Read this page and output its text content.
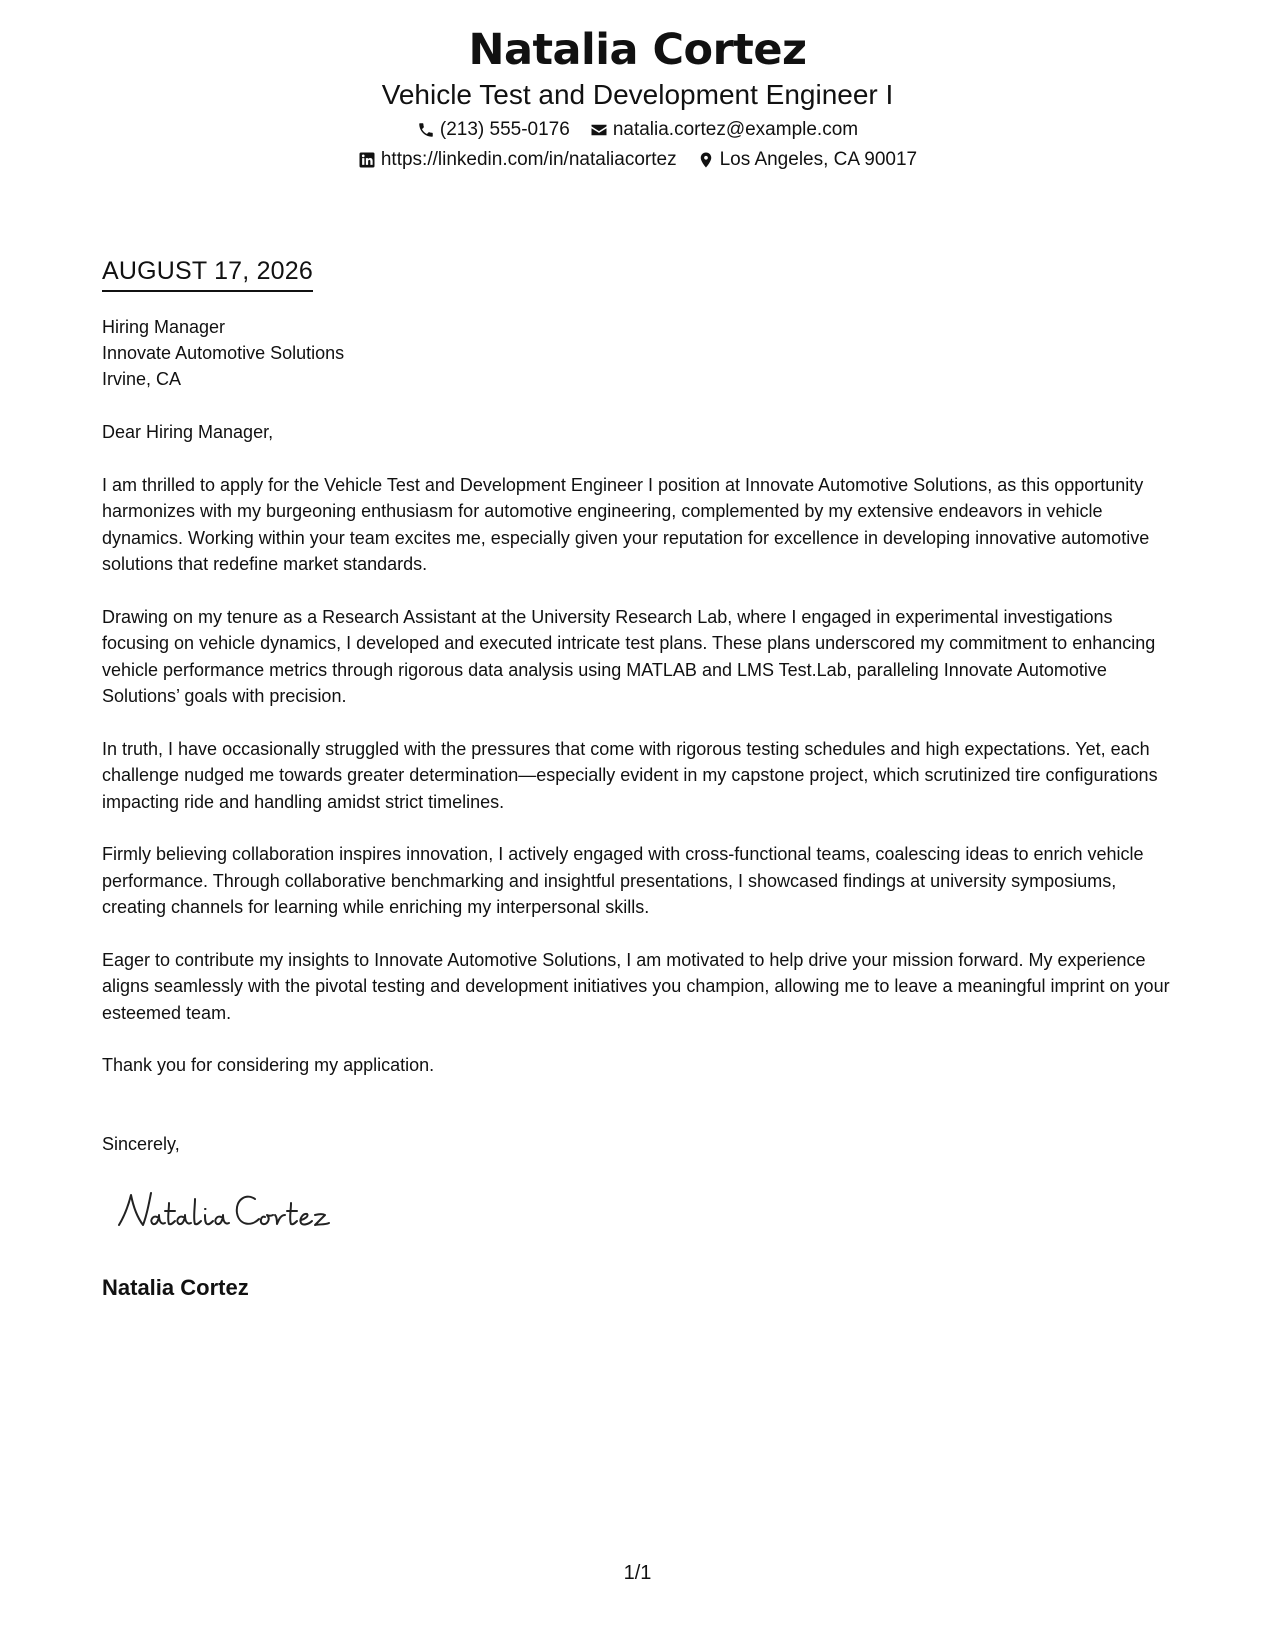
Natalia Cortez
Vehicle Test and Development Engineer I
(213) 555-0176 natalia.cortez@example.com
https://linkedin.com/in/nataliacortez Los Angeles, CA 90017
AUGUST 17, 2026
Hiring Manager
Innovate Automotive Solutions
Irvine, CA

Dear Hiring Manager,

I am thrilled to apply for the Vehicle Test and Development Engineer I position at Innovate Automotive Solutions, as this opportunity harmonizes with my burgeoning enthusiasm for automotive engineering, complemented by my extensive endeavors in vehicle dynamics. Working within your team excites me, especially given your reputation for excellence in developing innovative automotive solutions that redefine market standards.

Drawing on my tenure as a Research Assistant at the University Research Lab, where I engaged in experimental investigations focusing on vehicle dynamics, I developed and executed intricate test plans. These plans underscored my commitment to enhancing vehicle performance metrics through rigorous data analysis using MATLAB and LMS Test.Lab, paralleling Innovate Automotive Solutions’ goals with precision.

In truth, I have occasionally struggled with the pressures that come with rigorous testing schedules and high expectations. Yet, each challenge nudged me towards greater determination—especially evident in my capstone project, which scrutinized tire configurations impacting ride and handling amidst strict timelines.

Firmly believing collaboration inspires innovation, I actively engaged with cross-functional teams, coalescing ideas to enrich vehicle performance. Through collaborative benchmarking and insightful presentations, I showcased findings at university symposiums, creating channels for learning while enriching my interpersonal skills.

Eager to contribute my insights to Innovate Automotive Solutions, I am motivated to help drive your mission forward. My experience aligns seamlessly with the pivotal testing and development initiatives you champion, allowing me to leave a meaningful imprint on your esteemed team.

Thank you for considering my application.

Sincerely,
Natalia Cortez
1/1
